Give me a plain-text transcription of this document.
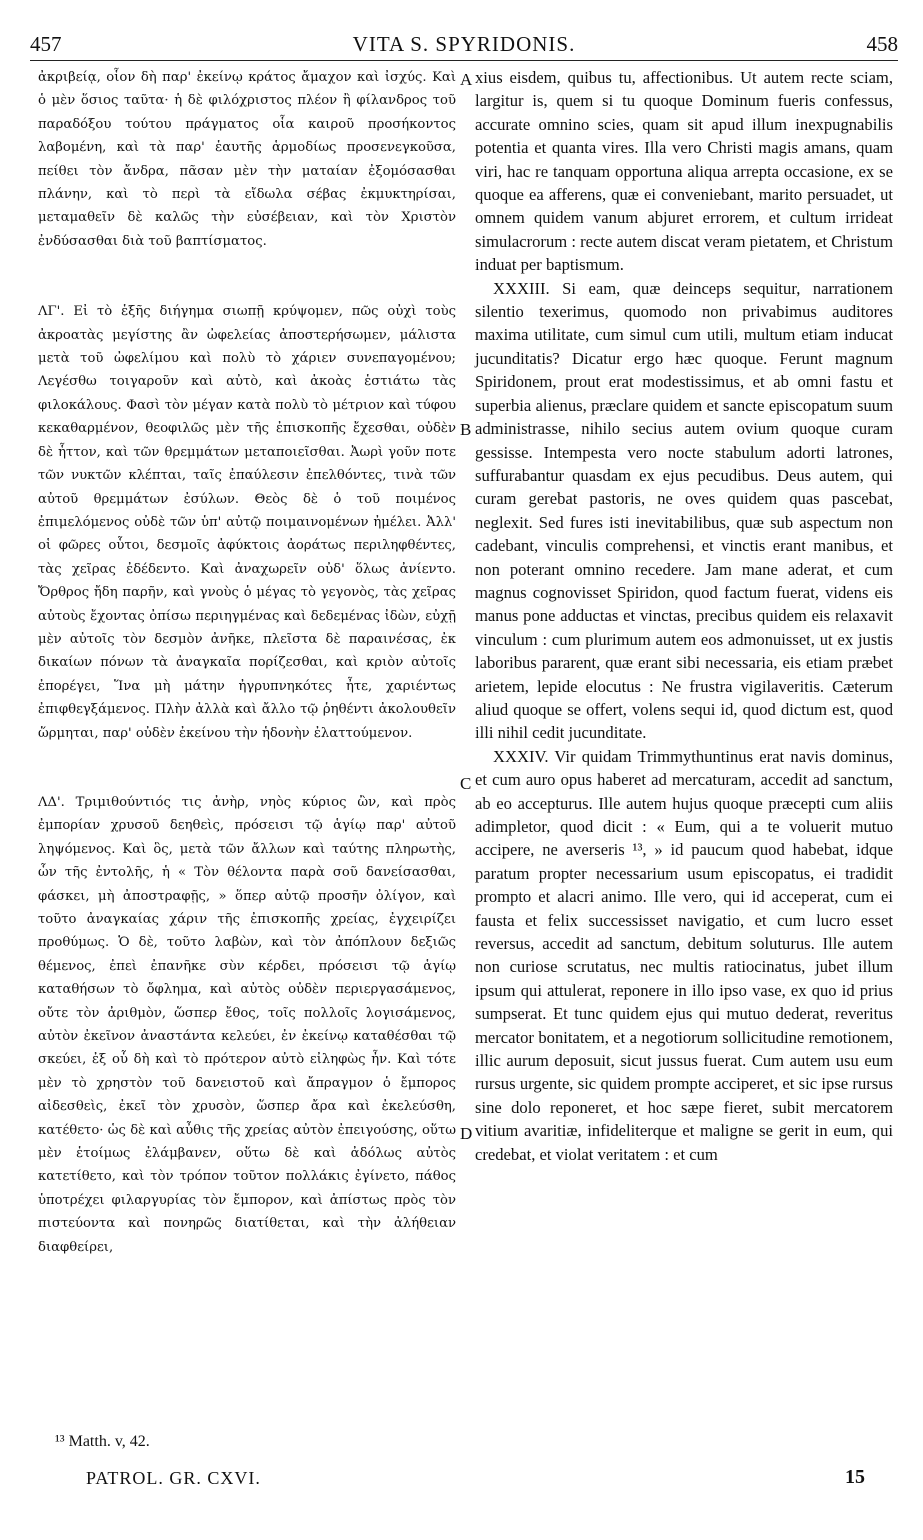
457	VITA S. SPYRIDONIS.	458

ἀκριβείᾳ, οἷον δὴ παρ' ἐκείνῳ κράτος ἄμαχον καὶ ἰσχύς. Καὶ ὁ μὲν ὅσιος ταῦτα· ἡ δὲ φιλόχριστος πλέον ἢ φίλανδρος τοῦ παραδόξου τούτου πράγματος οἷα καιροῦ προσήκοντος λαβομένη, καὶ τὰ παρ' ἑαυτῆς ἁρμοδίως προσενεγκοῦσα, πείθει τὸν ἄνδρα, πᾶσαν μὲν τὴν ματαίαν ἐξομόσασθαι πλάνην, καὶ τὸ περὶ τὰ εἴδωλα σέβας ἐκμυκτηρίσαι, μεταμαθεῖν δὲ καλῶς τὴν εὐσέβειαν, καὶ τὸν Χριστὸν ἐνδύσασθαι διὰ τοῦ βαπτίσματος.

ΛΓ'. Εἰ τὸ ἑξῆς διήγημα σιωπῇ κρύψομεν, πῶς οὐχὶ τοὺς ἀκροατὰς μεγίστης ἂν ὠφελείας ἀποστερήσωμεν, μάλιστα μετὰ τοῦ ὠφελίμου καὶ πολὺ τὸ χάριεν συνεπαγομένου; Λεγέσθω τοιγαροῦν καὶ αὐτὸ, καὶ ἀκοὰς ἑστιάτω τὰς φιλοκάλους. Φασὶ τὸν μέγαν κατὰ πολὺ τὸ μέτριον καὶ τύφου κεκαθαρμένον, θεοφιλῶς μὲν τῆς ἐπισκοπῆς ἔχεσθαι, οὐδὲν δὲ ἧττον, καὶ τῶν θρεμμάτων μεταποιεῖσθαι. Ἀωρὶ γοῦν ποτε τῶν νυκτῶν κλέπται, ταῖς ἐπαύλεσιν ἐπελθόντες, τινὰ τῶν αὐτοῦ θρεμμάτων ἐσύλων. Θεὸς δὲ ὁ τοῦ ποιμένος ἐπιμελόμενος οὐδὲ τῶν ὑπ' αὐτῷ ποιμαινομένων ἠμέλει. Ἀλλ' οἱ φῶρες οὗτοι, δεσμοῖς ἀφύκτοις ἀοράτως περιληφθέντες, τὰς χεῖρας ἐδέδεντο. Καὶ ἀναχωρεῖν οὐδ' ὅλως ἀνίεντο. Ὄρθρος ἤδη παρῆν, καὶ γνοὺς ὁ μέγας τὸ γεγονὸς, τὰς χεῖρας αὐτοὺς ἔχοντας ὀπίσω περιηγμένας καὶ δεδεμένας ἰδὼν, εὐχῇ μὲν αὐτοῖς τὸν δεσμὸν ἀνῆκε, πλεῖστα δὲ παραινέσας, ἐκ δικαίων πόνων τὰ ἀναγκαῖα πορίζεσθαι, καὶ κριὸν αὐτοῖς ἐπορέγει, Ἵνα μὴ μάτην ἠγρυπνηκότες ἦτε, χαριέντως ἐπιφθεγξάμενος. Πλὴν ἀλλὰ καὶ ἄλλο τῷ ῥηθέντι ἀκολουθεῖν ὥρμηται, παρ' οὐδὲν ἐκείνου τὴν ἡδονὴν ἐλαττούμενον.

ΛΔ'. Τριμιθούντιός τις ἀνὴρ, νηὸς κύριος ὢν, καὶ πρὸς ἐμπορίαν χρυσοῦ δεηθεὶς, πρόσεισι τῷ ἁγίῳ παρ' αὐτοῦ ληψόμενος. Καὶ ὃς, μετὰ τῶν ἄλλων καὶ ταύτης πληρωτὴς, ὧν τῆς ἐντολῆς, ἡ « Τὸν θέλοντα παρὰ σοῦ δανείσασθαι, φάσκει, μὴ ἀποστραφῇς, » ὅπερ αὐτῷ προσῆν ὀλίγον, καὶ τοῦτο ἀναγκαίας χάριν τῆς ἐπισκοπῆς χρείας, ἐγχειρίζει προθύμως. Ὁ δὲ, τοῦτο λαβὼν, καὶ τὸν ἀπόπλουν δεξιῶς θέμενος, ἐπεὶ ἐπανῆκε σὺν κέρδει, πρόσεισι τῷ ἁγίῳ καταθήσων τὸ ὄφλημα, καὶ αὐτὸς οὐδὲν περιεργασάμενος, οὔτε τὸν ἀριθμὸν, ὥσπερ ἔθος, τοῖς πολλοῖς λογισάμενος, αὐτὸν ἐκεῖνον ἀναστάντα κελεύει, ἐν ἐκείνῳ καταθέσθαι τῷ σκεύει, ἐξ οὗ δὴ καὶ τὸ πρότερον αὐτὸ εἰληφὼς ἦν. Καὶ τότε μὲν τὸ χρηστὸν τοῦ δανειστοῦ καὶ ἄπραγμον ὁ ἔμπορος αἰδεσθεὶς, ἐκεῖ τὸν χρυσὸν, ὥσπερ ἄρα καὶ ἐκελεύσθη, κατέθετο· ὡς δὲ καὶ αὖθις τῆς χρείας αὐτὸν ἐπειγούσης, οὕτω μὲν ἑτοίμως ἐλάμβανεν, οὕτω δὲ καὶ ἀδόλως αὐτὸς κατετίθετο, καὶ τὸν τρόπον τοῦτον πολλάκις ἐγίνετο, πάθος ὑποτρέχει φιλαργυρίας τὸν ἔμπορον, καὶ ἀπίστως πρὸς τὸν πιστεύοντα καὶ πονηρῶς διατίθεται, καὶ τὴν ἀλήθειαν διαφθείρει,

A
B
C
D

xius eisdem, quibus tu, affectionibus. Ut autem recte sciam, largitur is, quem si tu quoque Dominum fueris confessus, accurate omnino scies, quam sit apud illum inexpugnabilis potentia et quanta vires. Illa vero Christi magis amans, quam viri, hac re tanquam opportuna aliqua arrepta occasione, ex se quoque ea afferens, quæ ei conveniebant, marito persuadet, ut omnem quidem vanum abjuret errorem, et cultum irrideat simulacrorum : recte autem discat veram pietatem, et Christum induat per baptismum.

XXXIII. Si eam, quæ deinceps sequitur, narrationem silentio texerimus, quomodo non privabimus auditores maxima utilitate, cum simul cum utili, multum etiam inducat jucunditatis? Dicatur ergo hæc quoque. Ferunt magnum Spiridonem, prout erat modestissimus, et ab omni fastu et superbia alienus, præclare quidem et sancte episcopatum suum administrasse, nihilo secius autem ovium quoque curam gessisse. Intempesta vero nocte stabulum adorti latrones, suffurabantur quasdam ex ejus pecudibus. Deus autem, qui curam gerebat pastoris, ne oves quidem quas pascebat, neglexit. Sed fures isti inevitabilibus, quæ sub aspectum non cadebant, vinculis comprehensi, et vinctis erant manibus, et non poterant omnino recedere. Jam mane aderat, et cum magnus cognovisset Spiridon, quod factum fuerat, videns eis manus pone adductas et vinctas, precibus quidem eis relaxavit vinculum : cum plurimum autem eos admonuisset, ut ex justis laboribus pararent, quæ erant sibi necessaria, eis etiam præbet arietem, lepide elocutus : Ne frustra vigilaveritis. Cæterum aliud quoque se offert, volens sequi id, quod dictum est, quod illi nihil cedit jucunditate.

XXXIV. Vir quidam Trimmythuntinus erat navis dominus, et cum auro opus haberet ad mercaturam, accedit ad sanctum, ab eo accepturus. Ille autem hujus quoque præcepti cum aliis adimpletor, quod dicit : « Eum, qui a te voluerit mutuo accipere, ne averseris ¹³, » id paucum quod habebat, idque paratum propter necessarium usum episcopatus, ei tradidit prompto et alacri animo. Ille vero, qui id acceperat, cum ei fausta et felix successisset navigatio, et cum lucro esset reversus, accedit ad sanctum, debitum soluturus. Ille autem non curiose scrutatus, nec multis ratiocinatus, jubet illum ipsum qui attulerat, reponere in illo ipso vase, ex quo id prius sumpserat. Et tunc quidem ejus qui mutuo dederat, reveritus mercator bonitatem, et a negotiorum sollicitudine remotionem, illic aurum deposuit, sicut jussus fuerat. Cum autem usu eum rursus urgente, sic quidem prompte acciperet, et sic ipse rursus sine dolo reponeret, et hoc sæpe fieret, subit mercatorem vitium avaritiæ, infideliterque et maligne se gerit in eum, qui credebat, et violat veritatem : et cum

¹³ Matth. v, 42.
PATROL. GR. CXVI.	15
